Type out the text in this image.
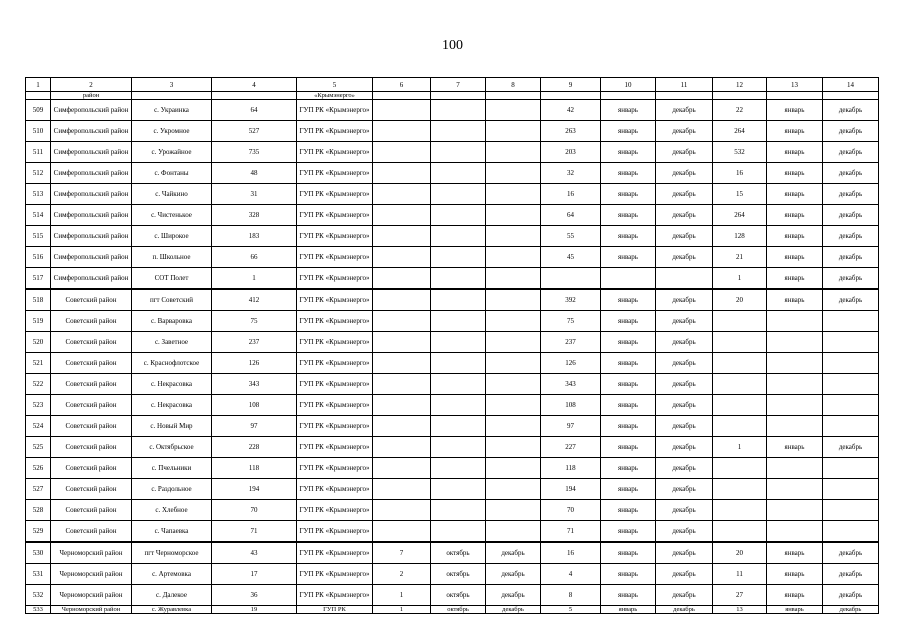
100
1	2	3	4	5	6	7	8	9	10	11	12	13	14
	район			«Крымэнерго»									
509	Симферопольский район	с. Украинка	64	ГУП РК «Крымэнерго»				42	январь	декабрь	22	январь	декабрь
510	Симферопольский район	с. Укромное	527	ГУП РК «Крымэнерго»				263	январь	декабрь	264	январь	декабрь
511	Симферопольский район	с. Урожайное	735	ГУП РК «Крымэнерго»				203	январь	декабрь	532	январь	декабрь
512	Симферопольский район	с. Фонтаны	48	ГУП РК «Крымэнерго»				32	январь	декабрь	16	январь	декабрь
513	Симферопольский район	с. Чайкино	31	ГУП РК «Крымэнерго»				16	январь	декабрь	15	январь	декабрь
514	Симферопольский район	с. Чистенькое	328	ГУП РК «Крымэнерго»				64	январь	декабрь	264	январь	декабрь
515	Симферопольский район	с. Широкое	183	ГУП РК «Крымэнерго»				55	январь	декабрь	128	январь	декабрь
516	Симферопольский район	п. Школьное	66	ГУП РК «Крымэнерго»				45	январь	декабрь	21	январь	декабрь
517	Симферопольский район	СОТ Полет	1	ГУП РК «Крымэнерго»							1	январь	декабрь
518	Советский район	пгт Советский	412	ГУП РК «Крымэнерго»				392	январь	декабрь	20	январь	декабрь
519	Советский район	с. Варваровка	75	ГУП РК «Крымэнерго»				75	январь	декабрь			
520	Советский район	с. Заветное	237	ГУП РК «Крымэнерго»				237	январь	декабрь			
521	Советский район	с. Краснофлотское	126	ГУП РК «Крымэнерго»				126	январь	декабрь			
522	Советский район	с. Некрасовка	343	ГУП РК «Крымэнерго»				343	январь	декабрь			
523	Советский район	с. Некрасовка	108	ГУП РК «Крымэнерго»				108	январь	декабрь			
524	Советский район	с. Новый Мир	97	ГУП РК «Крымэнерго»				97	январь	декабрь			
525	Советский район	с. Октябрьское	228	ГУП РК «Крымэнерго»				227	январь	декабрь	1	январь	декабрь
526	Советский район	с. Пчельники	118	ГУП РК «Крымэнерго»				118	январь	декабрь			
527	Советский район	с. Раздольное	194	ГУП РК «Крымэнерго»				194	январь	декабрь			
528	Советский район	с. Хлебное	70	ГУП РК «Крымэнерго»				70	январь	декабрь			
529	Советский район	с. Чапаевка	71	ГУП РК «Крымэнерго»				71	январь	декабрь			
530	Черноморский район	пгт Черноморское	43	ГУП РК «Крымэнерго»	7	октябрь	декабрь	16	январь	декабрь	20	январь	декабрь
531	Черноморский район	с. Артемовка	17	ГУП РК «Крымэнерго»	2	октябрь	декабрь	4	январь	декабрь	11	январь	декабрь
532	Черноморский район	с. Далекое	36	ГУП РК «Крымэнерго»	1	октябрь	декабрь	8	январь	декабрь	27	январь	декабрь
533	Черноморский район	с. Журавлевка	19	ГУП РК	1	октябрь	декабрь	5	январь	декабрь	13	январь	декабрь
